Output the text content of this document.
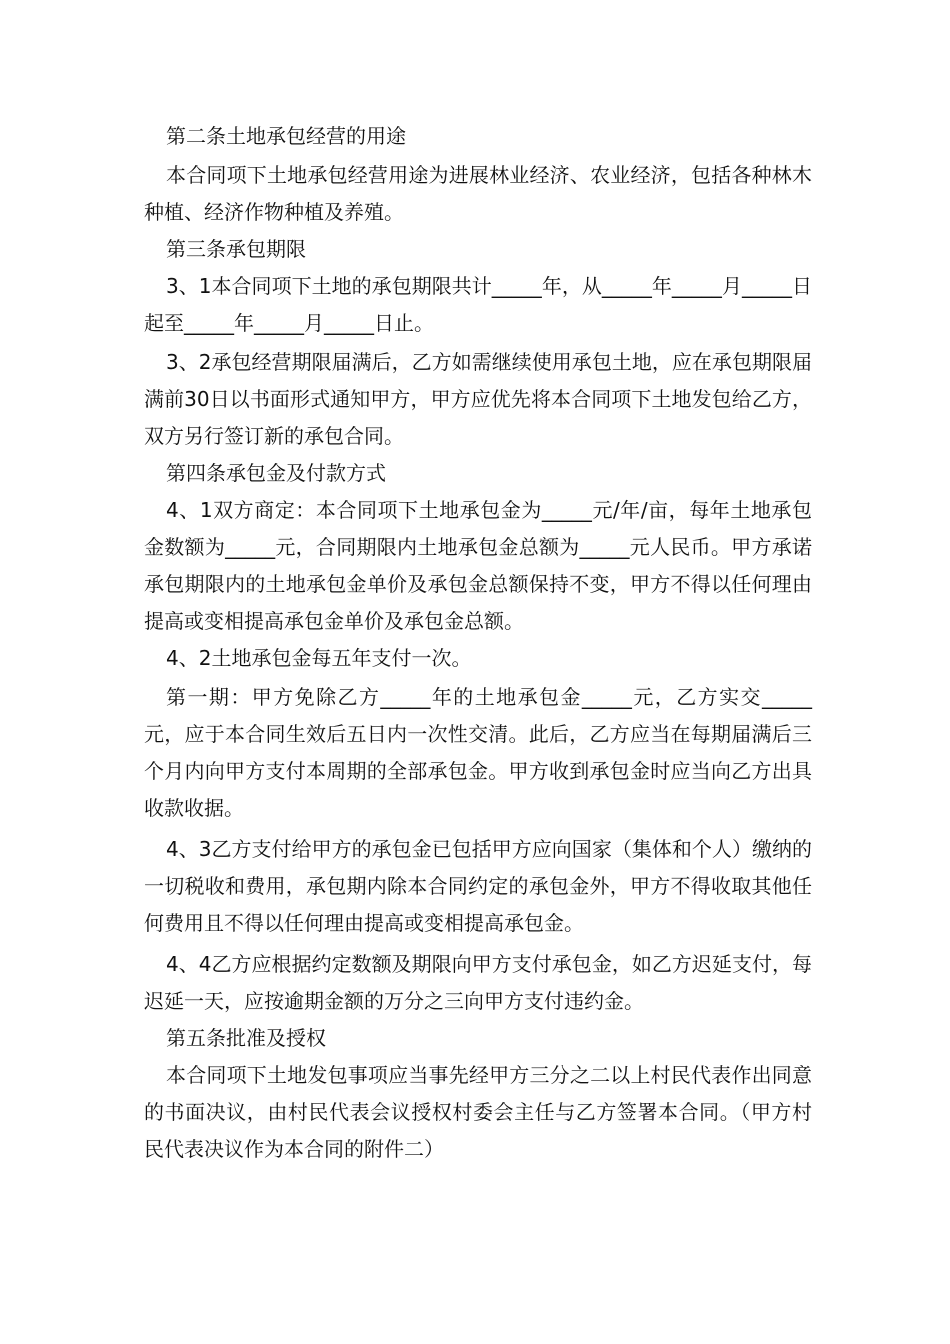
第二条土地承包经营的用途

本合同项下土地承包经营用途为进展林业经济、农业经济，包括各种林木种植、经济作物种植及养殖。

第三条承包期限

3、1本合同项下土地的承包期限共计_____年，从_____年_____月_____日起至_____年_____月_____日止。

3、2承包经营期限届满后，乙方如需继续使用承包土地，应在承包期限届满前30日以书面形式通知甲方，甲方应优先将本合同项下土地发包给乙方，双方另行签订新的承包合同。

第四条承包金及付款方式

4、1双方商定：本合同项下土地承包金为_____元/年/亩，每年土地承包金数额为_____元，合同期限内土地承包金总额为_____元人民币。甲方承诺承包期限内的土地承包金单价及承包金总额保持不变，甲方不得以任何理由提高或变相提高承包金单价及承包金总额。

4、2土地承包金每五年支付一次。

第一期：甲方免除乙方_____年的土地承包金_____元，乙方实交_____元，应于本合同生效后五日内一次性交清。此后，乙方应当在每期届满后三个月内向甲方支付本周期的全部承包金。甲方收到承包金时应当向乙方出具收款收据。

4、3乙方支付给甲方的承包金已包括甲方应向国家（集体和个人）缴纳的一切税收和费用，承包期内除本合同约定的承包金外，甲方不得收取其他任何费用且不得以任何理由提高或变相提高承包金。

4、4乙方应根据约定数额及期限向甲方支付承包金，如乙方迟延支付，每迟延一天，应按逾期金额的万分之三向甲方支付违约金。

第五条批准及授权

本合同项下土地发包事项应当事先经甲方三分之二以上村民代表作出同意的书面决议，由村民代表会议授权村委会主任与乙方签署本合同。（甲方村民代表决议作为本合同的附件二）
